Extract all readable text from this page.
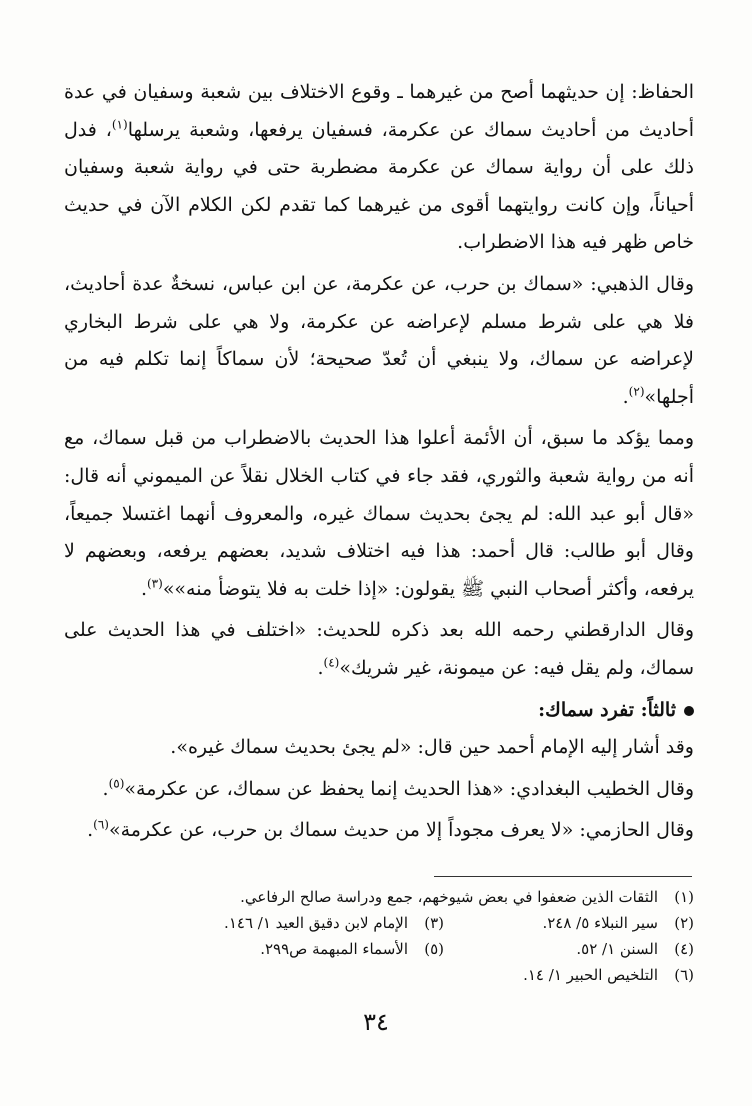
الحفاظ: إن حديثهما أصح من غيرهما ـ وقوع الاختلاف بين شعبة وسفيان في عدة أحاديث من أحاديث سماك عن عكرمة، فسفيان يرفعها، وشعبة يرسلها$^{(١)}$، فدل ذلك على أن رواية سماك عن عكرمة مضطربة حتى في رواية شعبة وسفيان أحياناً، وإن كانت روايتهما أقوى من غيرهما كما تقدم لكن الكلام الآن في حديث خاص ظهر فيه هذا الاضطراب.

وقال الذهبي: «سماك بن حرب، عن عكرمة، عن ابن عباس، نسخةٌ عدة أحاديث، فلا هي على شرط مسلم لإعراضه عن عكرمة، ولا هي على شرط البخاري لإعراضه عن سماك، ولا ينبغي أن تُعدّ صحيحة؛ لأن سماكاً إنما تكلم فيه من أجلها»$^{(٢)}$.

ومما يؤكد ما سبق، أن الأئمة أعلوا هذا الحديث بالاضطراب من قبل سماك، مع أنه من رواية شعبة والثوري، فقد جاء في كتاب الخلال نقلاً عن الميموني أنه قال: «قال أبو عبد الله: لم يجئ بحديث سماك غيره، والمعروف أنهما اغتسلا جميعاً، وقال أبو طالب: قال أحمد: هذا فيه اختلاف شديد، بعضهم يرفعه، وبعضهم لا يرفعه، وأكثر أصحاب النبي ﷺ يقولون: «إذا خلت به فلا يتوضأ منه»»$^{(٣)}$.

وقال الدارقطني رحمه الله بعد ذكره للحديث: «اختلف في هذا الحديث على سماك، ولم يقل فيه: عن ميمونة، غير شريك»$^{(٤)}$.

ثالثاً: تفرد سماك:

وقد أشار إليه الإمام أحمد حين قال: «لم يجئ بحديث سماك غيره».

وقال الخطيب البغدادي: «هذا الحديث إنما يحفظ عن سماك، عن عكرمة»$^{(٥)}$.

وقال الحازمي: «لا يعرف مجوداً إلا من حديث سماك بن حرب، عن عكرمة»$^{(٦)}$.

(١)الثقات الذين ضعفوا في بعض شيوخهم، جمع ودراسة صالح الرفاعي.
(٢)سير النبلاء ٥/ ٢٤٨.
(٣)الإمام لابن دقيق العيد ١/ ١٤٦.
(٤)السنن ١/ ٥٢.
(٥)الأسماء المبهمة ص٢٩٩.
(٦)التلخيص الحبير ١/ ١٤.
٣٤
